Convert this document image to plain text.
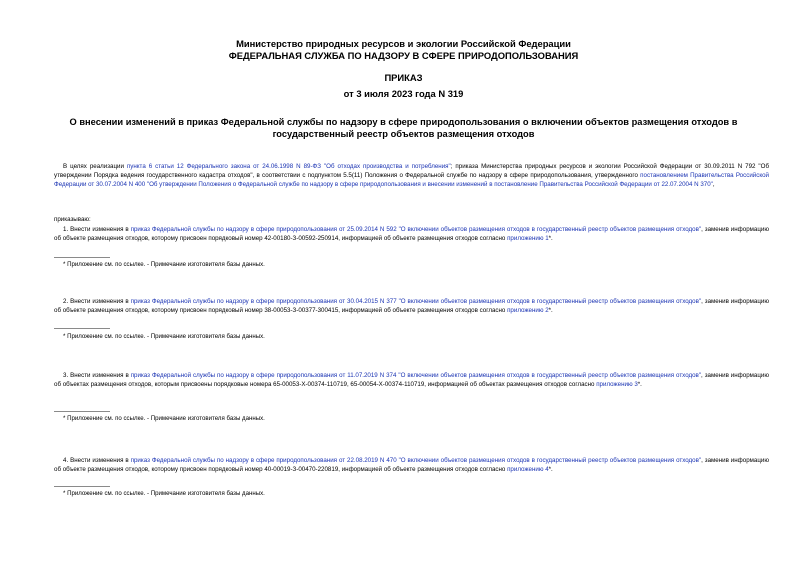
Министерство природных ресурсов и экологии Российской Федерации
ФЕДЕРАЛЬНАЯ СЛУЖБА ПО НАДЗОРУ В СФЕРЕ ПРИРОДОПОЛЬЗОВАНИЯ
ПРИКАЗ
от 3 июля 2023 года N 319
О внесении изменений в приказ Федеральной службы по надзору в сфере природопользования о включении объектов размещения отходов в государственный реестр объектов размещения отходов
В целях реализации пункта 6 статьи 12 Федерального закона от 24.06.1998 N 89-ФЗ "Об отходах производства и потребления"; приказа Министерства природных ресурсов и экологии Российской Федерации от 30.09.2011 N 792 "Об утверждении Порядка ведения государственного кадастра отходов", в соответствии с подпунктом 5.5(11) Положения о Федеральной службе по надзору в сфере природопользования, утвержденного постановлением Правительства Российской Федерации от 30.07.2004 N 400 "Об утверждении Положения о Федеральной службе по надзору в сфере природопользования и внесении изменений в постановление Правительства Российской Федерации от 22.07.2004 N 370",
приказываю:
1. Внести изменения в приказ Федеральной службы по надзору в сфере природопользования от 25.09.2014 N 592 "О включении объектов размещения отходов в государственный реестр объектов размещения отходов", заменив информацию об объекте размещения отходов, которому присвоен порядковый номер 42-00180-З-00592-250914, информацией об объекте размещения отходов согласно приложению 1*.
* Приложение см. по ссылке. - Примечание изготовителя базы данных.
2. Внести изменения в приказ Федеральной службы по надзору в сфере природопользования от 30.04.2015 N 377 "О включении объектов размещения отходов в государственный реестр объектов размещения отходов", заменив информацию об объекте размещения отходов, которому присвоен порядковый номер 38-00053-З-00377-300415, информацией об объекте размещения отходов согласно приложению 2*.
* Приложение см. по ссылке. - Примечание изготовителя базы данных.
3. Внести изменения в приказ Федеральной службы по надзору в сфере природопользования от 11.07.2019 N 374 "О включении объектов размещения отходов в государственный реестр объектов размещения отходов", заменив информацию об объектах размещения отходов, которым присвоены порядковые номера 65-00053-Х-00374-110719, 65-00054-Х-00374-110719, информацией об объектах размещения отходов согласно приложению 3*.
* Приложение см. по ссылке. - Примечание изготовителя базы данных.
4. Внести изменения в приказ Федеральной службы по надзору в сфере природопользования от 22.08.2019 N 470 "О включении объектов размещения отходов в государственный реестр объектов размещения отходов", заменив информацию об объекте размещения отходов, которому присвоен порядковый номер 40-00019-З-00470-220819, информацией об объекте размещения отходов согласно приложению 4*.
* Приложение см. по ссылке. - Примечание изготовителя базы данных.
